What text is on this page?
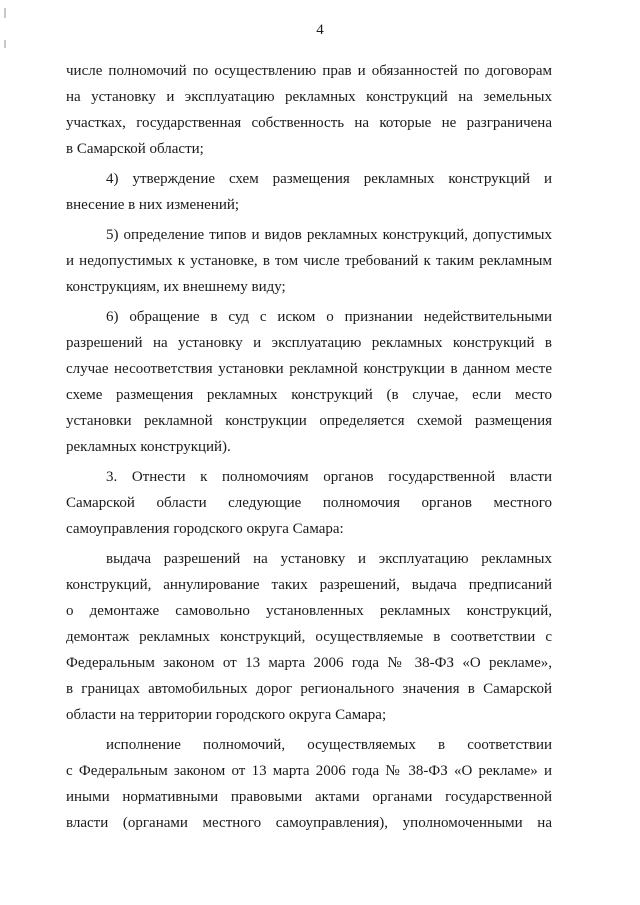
4
числе полномочий по осуществлению прав и обязанностей по договорам
на установку и эксплуатацию рекламных конструкций на земельных
участках, государственная собственность на которые не разграничена
в Самарской области;
4) утверждение схем размещения рекламных конструкций и
внесение в них изменений;
5) определение типов и видов рекламных конструкций, допустимых
и недопустимых к установке, в том числе требований к таким рекламным
конструкциям, их внешнему виду;
6) обращение в суд с иском о признании недействительными
разрешений на установку и эксплуатацию рекламных конструкций в
случае несоответствия установки рекламной конструкции в данном месте
схеме размещения рекламных конструкций (в случае, если место
установки рекламной конструкции определяется схемой размещения
рекламных конструкций).
3. Отнести к полномочиям органов государственной власти
Самарской области следующие полномочия органов местного
самоуправления городского округа Самара:
выдача разрешений на установку и эксплуатацию рекламных
конструкций, аннулирование таких разрешений, выдача предписаний
о демонтаже самовольно установленных рекламных конструкций,
демонтаж рекламных конструкций, осуществляемые в соответствии с
Федеральным законом от 13 марта 2006 года № 38-ФЗ «О рекламе»,
в границах автомобильных дорог регионального значения в Самарской
области на территории городского округа Самара;
исполнение полномочий, осуществляемых в соответствии
с Федеральным законом от 13 марта 2006 года № 38-ФЗ «О рекламе» и
иными нормативными правовыми актами органами государственной
власти (органами местного самоуправления), уполномоченными на
